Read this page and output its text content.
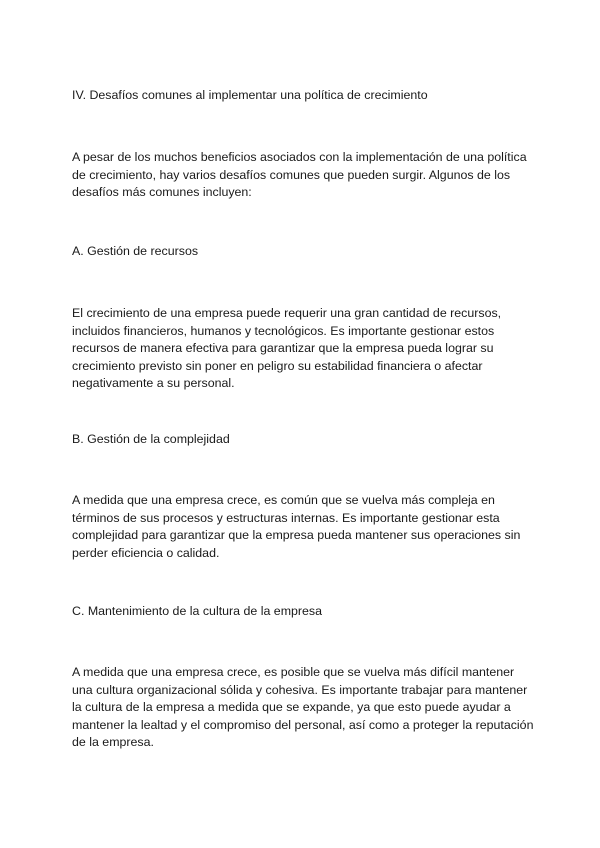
IV. Desafíos comunes al implementar una política de crecimiento

A pesar de los muchos beneficios asociados con la implementación de una política
de crecimiento, hay varios desafíos comunes que pueden surgir. Algunos de los
desafíos más comunes incluyen:

A. Gestión de recursos

El crecimiento de una empresa puede requerir una gran cantidad de recursos,
incluidos financieros, humanos y tecnológicos. Es importante gestionar estos
recursos de manera efectiva para garantizar que la empresa pueda lograr su
crecimiento previsto sin poner en peligro su estabilidad financiera o afectar
negativamente a su personal.

B. Gestión de la complejidad

A medida que una empresa crece, es común que se vuelva más compleja en
términos de sus procesos y estructuras internas. Es importante gestionar esta
complejidad para garantizar que la empresa pueda mantener sus operaciones sin
perder eficiencia o calidad.

C. Mantenimiento de la cultura de la empresa

A medida que una empresa crece, es posible que se vuelva más difícil mantener
una cultura organizacional sólida y cohesiva. Es importante trabajar para mantener
la cultura de la empresa a medida que se expande, ya que esto puede ayudar a
mantener la lealtad y el compromiso del personal, así como a proteger la reputación
de la empresa.
